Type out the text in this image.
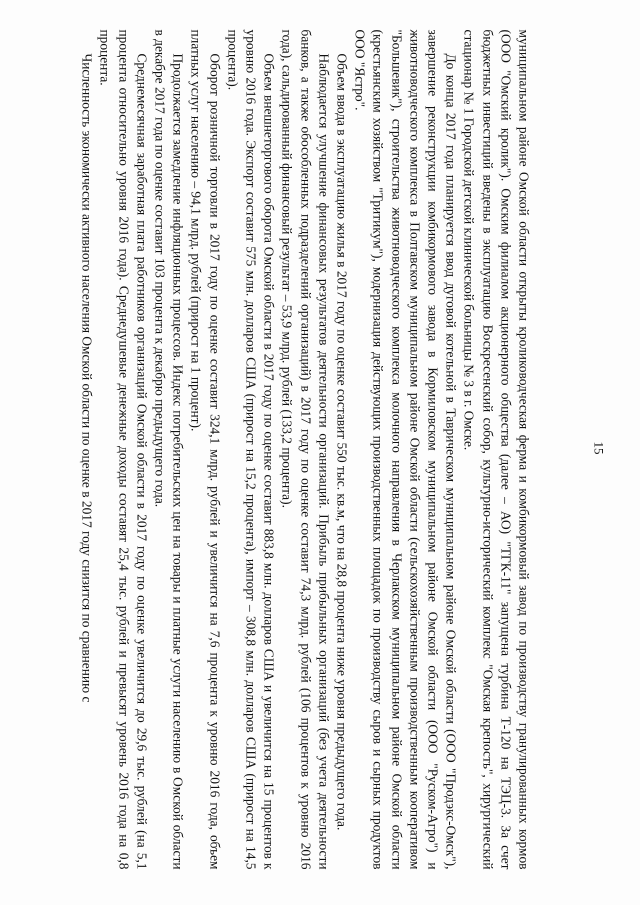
15

муниципальном районе Омской области открыты кролиководческая ферма и комбикормовый завод по производству гранулированных кормов (ООО "Омский кролик"). Омским филиалом акционерного общества (далее – АО) "ТГК-11" запущена турбина Т-120 на ТЭЦ-3. За счет бюджетных инвестиций введены в эксплуатацию Воскресенский собор, культурно-исторический комплекс "Омская крепость", хирургический стационар № 1 Городской детской клинической больницы № 3 в г. Омске.

До конца 2017 года планируется ввод дуговой котельной в Таврическом муниципальном районе Омской области (ООО "Продэкс-Омск"), завершение реконструкции комбикормового завода в Кормиловском муниципальном районе Омской области (ООО "Руском-Агро") и животноводческого комплекса в Полтавском муниципальном районе Омской области (сельскохозяйственным производственным кооперативом "Большевик"), строительства животноводческого комплекса молочного направления в Черлакском муниципальном районе Омской области (крестьянским хозяйством "Тритикум"), модернизация действующих производственных площадок по производству сыров и сырных продуктов ООО "Ястро".

Объем ввода в эксплуатацию жилья в 2017 году по оценке составит 550 тыс. кв.м, что на 28,8 процента ниже уровня предыдущего года.

Наблюдается улучшение финансовых результатов деятельности организаций. Прибыль прибыльных организаций (без учета деятельности банков, а также обособленных подразделений организаций) в 2017 году по оценке составит 74,3 млрд. рублей (106 процентов к уровню 2016 года), сальдированный финансовый результат – 53,9 млрд. рублей (133,2 процента).

Объем внешнеторгового оборота Омской области в 2017 году по оценке составит 883,8 млн. долларов США и увеличится на 15 процентов к уровню 2016 года. Экспорт составит 575 млн. долларов США (прирост на 15,2 процента), импорт – 308,8 млн. долларов США (прирост на 14,5 процента).

Оборот розничной торговли в 2017 году по оценке составит 324,1 млрд. рублей и увеличится на 7,6 процента к уровню 2016 года, объем платных услуг населению – 94,1 млрд. рублей (прирост на 1 процент).

Продолжается замедление инфляционных процессов. Индекс потребительских цен на товары и платные услуги населению в Омской области в декабре 2017 года по оценке составит 103 процента к декабрю предыдущего года.

Среднемесячная заработная плата работников организаций Омской области в 2017 году по оценке увеличится до 29,6 тыс. рублей (на 5,1 процента относительно уровня 2016 года). Среднедушевые денежные доходы составят 25,4 тыс. рублей и превысят уровень 2016 года на 0,8 процента.

Численность экономически активного населения Омской области по оценке в 2017 году снизится по сравнению с
